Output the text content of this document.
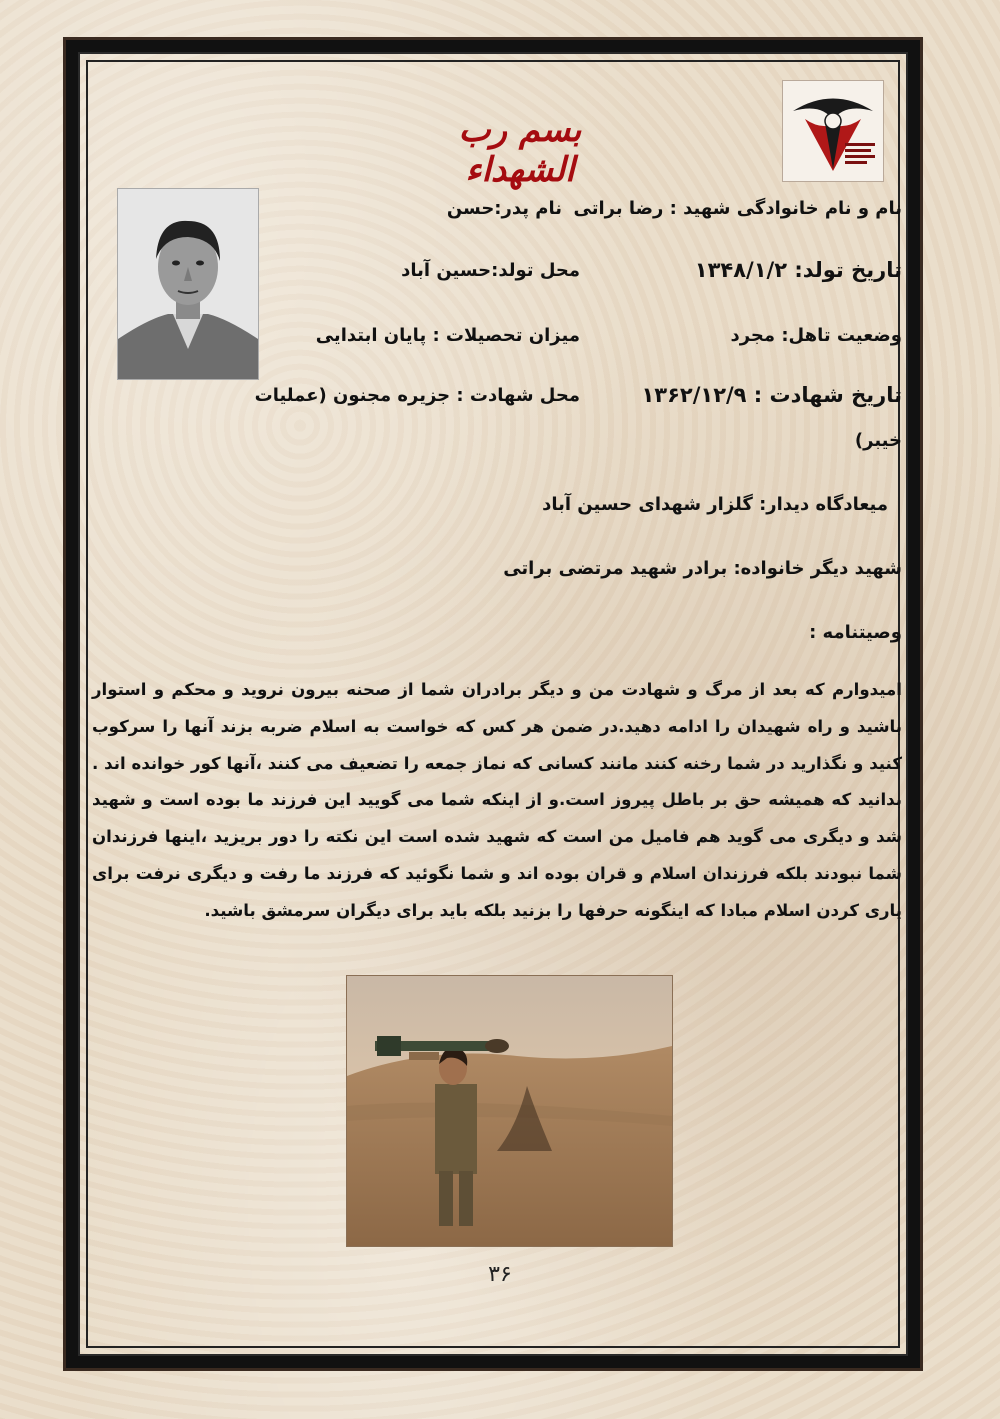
بسم رب الشهداء
نام و نام خانوادگی شهید : رضا براتی
نام پدر:حسن
تاریخ تولد: ۱۳۴۸/۱/۲
محل تولد:حسین آباد
وضعیت تاهل: مجرد
میزان تحصیلات : پایان ابتدایی
تاریخ شهادت : ۱۳۶۲/۱۲/۹
محل شهادت : جزیره مجنون (عملیات
خیبر)
میعادگاه دیدار: گلزار شهدای حسین آباد
شهید دیگر خانواده: برادر شهید مرتضی براتی
وصیتنامه :
امیدوارم که بعد از مرگ و شهادت من و دیگر برادران شما از صحنه بیرون نروید و محکم و استوار باشید و راه شهیدان را ادامه دهید.در ضمن هر کس که خواست به اسلام ضربه بزند آنها را سرکوب کنید و نگذارید در شما رخنه کنند مانند کسانی که نماز جمعه را تضعیف می کنند ،آنها کور خوانده اند . بدانید که همیشه حق بر باطل پیروز است.و از اینکه شما می گویید این فرزند ما بوده است و شهید شد و دیگری می گوید هم فامیل من است که شهید شده است این نکته را دور بریزید ،اینها فرزندان شما نبودند بلکه فرزندان اسلام و قران بوده اند و شما نگوئید که فرزند ما رفت و دیگری نرفت برای یاری کردن اسلام مبادا که اینگونه حرفها را بزنید بلکه باید برای دیگران سرمشق باشید.
۳۶
